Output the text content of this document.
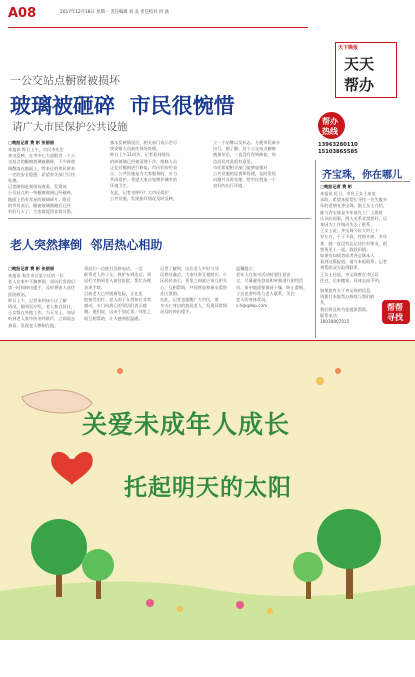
A08	2017年12月18日 星期一 责任编辑 刘 灵 责任校对 何 涵
天下晚报
天天
帮办
一公交站点橱窗被损坏
玻璃被砸碎  市民很惋惜
请广大市民保护公共设施
□晚报记者 费 彬 张丽丽
本报讯 昨日上午，市民李先生
来电反映，在市中心大道附近一个公
交站点的橱窗玻璃被砸碎，不少碎玻
璃散落在地面上，给来往的市民带来
一定的安全隐患，希望有关部门尽快
处理。
记者随即赶到现场查看，发现该
公交站点的一块橱窗玻璃已经破碎，
地面上仍有零星的玻璃碎片。附近
的市民表示，橱窗玻璃被砸后已经
有好几天了，大家都觉得非常可惜。
客车反映情况后，相关部门表示会尽
快安排人员前往现场处理。
昨日上午11时许，记者看到现场
的碎玻璃已经被清理干净，维修人员
正在对橱窗进行修复。市民们纷纷表
示，公共设施是为大家服务的，应当
共同爱护，希望大家自觉维护城市的
环境卫生。
在此，记者也呼吁广大市民爱护
公共设施，发现损坏情况及时反映。
立一个站牌以及标志，方便市民乘车
出行。据了解，这个公交站点橱窗
被损坏后，一直没有得到修复，周
边居民对此很有意见。
市民希望相关部门能够加强对
公共设施的巡查和管理，及时发现
问题并及时处理，给市民营造一个
良好的出行环境。
帮办
热线
13963280110
15103865585
齐宝珠，你在哪儿
□晚报记者 费 彬
本报讯 近日，市民王女士来电
求助，希望本报帮忙寻找一位失散多
年的老朋友齐宝珠。据王女士介绍，
她与齐宝珠是多年前在工厂上班时
认识的同事，两人关系非常要好，后
来因为工作调动失去了联系。
王女士说，齐宝珠今年大约七十
岁左右，个子不高，性格开朗。多年
来，她一直没有忘记这位好朋友，很
想再见上一面，叙叙旧情。
如果有知情者或者齐宝珠本人
看到这篇报道，请与本报联系，记者
将帮助双方取得联系。
王女士还说，齐宝珠曾在市区居
住过，后来搬家，具体去向不明。
如果您有关于齐宝珠的信息，
请拨打本报帮办热线与我们联系，
我们将及时为您提供帮助。
联系电话：
18039807015
帮帮
寻找
老人突然摔倒  邻居热心相助
□晚报记者 费 彬 张丽丽
本报讯 家住市区某小区的一位
老人在家中不慎摔倒，邻居们发现后
第一时间伸出援手，及时将老人送往
医院救治。
昨日上午，记者来到该小区了解
情况。据邻居介绍，老人独自居住，
子女都在外地工作。当天早上，邻居
听到老人家中传出呼救声，立即前去
查看，发现老人摔倒在地。
邻居们一边拨打急救电话，一边
联系老人的子女。救护车到达后，邻
居们又陪同老人前往医院，帮忙办理
各项手续。
目前老人已经脱离危险，正在医
院接受治疗。老人的子女得知后非常
感动，专门向热心的邻居们表示感
谢。他们说，远亲不如近邻，邻里之
间互相帮助，让人感到很温暖。
记者了解到，这位老人平时与邻
居相处融洽，大家经常互相照应。小
区居民表示，邻里之间就应该互相关
心，互相帮助，共同营造和谐友爱的
社区氛围。
在此，记者也提醒广大市民，要
多关心身边的独居老人，发现异常情
况及时伸出援手。
温馨提示：
老年人在家中活动时要注意安
全，尽量避免登高和单独进行剧烈活
动，家中地面要保持干燥，防止滑倒。
子女也要经常与老人联系，关注
老人的身体状况。
s.h@qdep.com
关爱未成年人成长
托起明天的太阳
